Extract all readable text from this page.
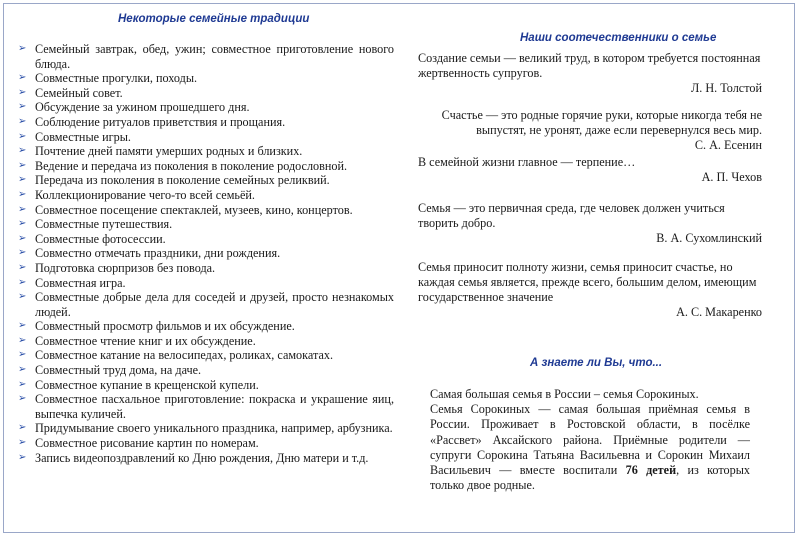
Некоторые семейные традиции
➢ Семейный завтрак, обед, ужин; совместное приготовление нового блюда.
➢ Совместные прогулки, походы.
➢ Семейный совет.
➢ Обсуждение за ужином прошедшего дня.
➢ Соблюдение ритуалов приветствия и прощания.
➢ Совместные игры.
➢ Почтение дней памяти умерших родных и близких.
➢ Ведение и передача из поколения в поколение родословной.
➢ Передача из поколения в поколение семейных реликвий.
➢ Коллекционирование чего-то всей семьёй.
➢ Совместное посещение спектаклей, музеев, кино, концертов.
➢ Совместные путешествия.
➢ Совместные фотосессии.
➢ Совместно отмечать праздники, дни рождения.
➢ Подготовка сюрпризов без повода.
➢ Совместная игра.
➢ Совместные добрые дела для соседей и друзей, просто незнакомых людей.
➢ Совместный просмотр фильмов и их обсуждение.
➢ Совместное чтение книг и их обсуждение.
➢ Совместное катание на велосипедах, роликах, самокатах.
➢ Совместный труд дома, на даче.
➢ Совместное купание в крещенской купели.
➢ Совместное пасхальное приготовление: покраска и украшение яиц, выпечка куличей.
➢ Придумывание своего уникального праздника, например, арбузника.
➢ Совместное рисование картин по номерам.
➢ Запись видеопоздравлений ко Дню рождения, Дню матери и т.д.
Наши соотечественники о семье
Создание семьи — великий труд, в котором требуется постоянная жертвенность супругов.
Л. Н. Толстой
Счастье — это родные горячие руки, которые никогда тебя не выпустят, не уронят, даже если перевернулся весь мир.
С. А. Есенин
В семейной жизни главное — терпение…
А. П. Чехов
Семья — это первичная среда, где человек должен учиться творить добро.
В. А. Сухомлинский
Семья приносит полноту жизни, семья приносит счастье, но каждая семья является, прежде всего, большим делом, имеющим государственное значение
А. С. Макаренко
А знаете ли Вы, что...

Самая большая семья в России – семья Сорокиных.

Семья Сорокиных — самая большая приёмная семья в России. Проживает в Ростовской области, в посёлке «Рассвет» Аксайского района. Приёмные родители — супруги Сорокина Татьяна Васильевна и Сорокин Михаил Васильевич — вместе воспитали 76 детей, из которых только двое родные.
